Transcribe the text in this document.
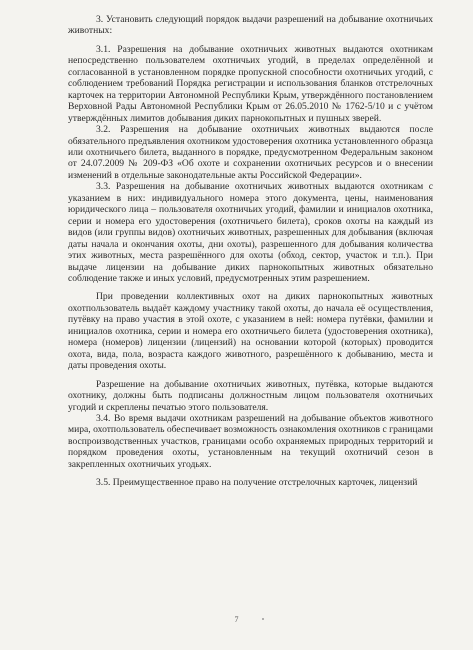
3. Установить следующий порядок выдачи разрешений на добывание охотничьих животных:

3.1. Разрешения на добывание охотничьих животных выдаются охотникам непосредственно пользователем охотничьих угодий, в пределах определённой и согласованной в установленном порядке пропускной способности охотничьих угодий, с соблюдением требований Порядка регистрации и использования бланков отстрелочных карточек на территории Автономной Республики Крым, утверждённого постановлением Верховной Рады Автономной Республики Крым от 26.05.2010 № 1762-5/10 и с учётом утверждённых лимитов добывания диких парнокопытных и пушных зверей.

3.2. Разрешения на добывание охотничьих животных выдаются после обязательного предъявления охотником удостоверения охотника установленного образца или охотничьего билета, выданного в порядке, предусмотренном Федеральным законом от 24.07.2009 № 209-ФЗ «Об охоте и сохранении охотничьих ресурсов и о внесении изменений в отдельные законодательные акты Российской Федерации».

3.3. Разрешения на добывание охотничьих животных выдаются охотникам с указанием в них: индивидуального номера этого документа, цены, наименования юридического лица – пользователя охотничьих угодий, фамилии и инициалов охотника, серии и номера его удостоверения (охотничьего билета), сроков охоты на каждый из видов (или группы видов) охотничьих животных, разрешенных для добывания (включая даты начала и окончания охоты, дни охоты), разрешенного для добывания количества этих животных, места разрешённого для охоты (обход, сектор, участок и т.п.). При выдаче лицензии на добывание диких парнокопытных животных обязательно соблюдение также и иных условий, предусмотренных этим разрешением.

При проведении коллективных охот на диких парнокопытных животных охотпользователь выдаёт каждому участнику такой охоты, до начала её осуществления, путёвку на право участия в этой охоте, с указанием в ней: номера путёвки, фамилии и инициалов охотника, серии и номера его охотничьего билета (удостоверения охотника), номера (номеров) лицензии (лицензий) на основании которой (которых) проводится охота, вида, пола, возраста каждого животного, разрешённого к добыванию, места и даты проведения охоты.

Разрешение на добывание охотничьих животных, путёвка, которые выдаются охотнику, должны быть подписаны должностным лицом пользователя охотничьих угодий и скреплены печатью этого пользователя.

3.4. Во время выдачи охотникам разрешений на добывание объектов животного мира, охотпользователь обеспечивает возможность ознакомления охотников с границами воспроизводственных участков, границами особо охраняемых природных территорий и порядком проведения охоты, установленным на текущий охотничий сезон в закрепленных охотничьих угодьях.

3.5. Преимущественное право на получение отстрелочных карточек, лицензий

7
